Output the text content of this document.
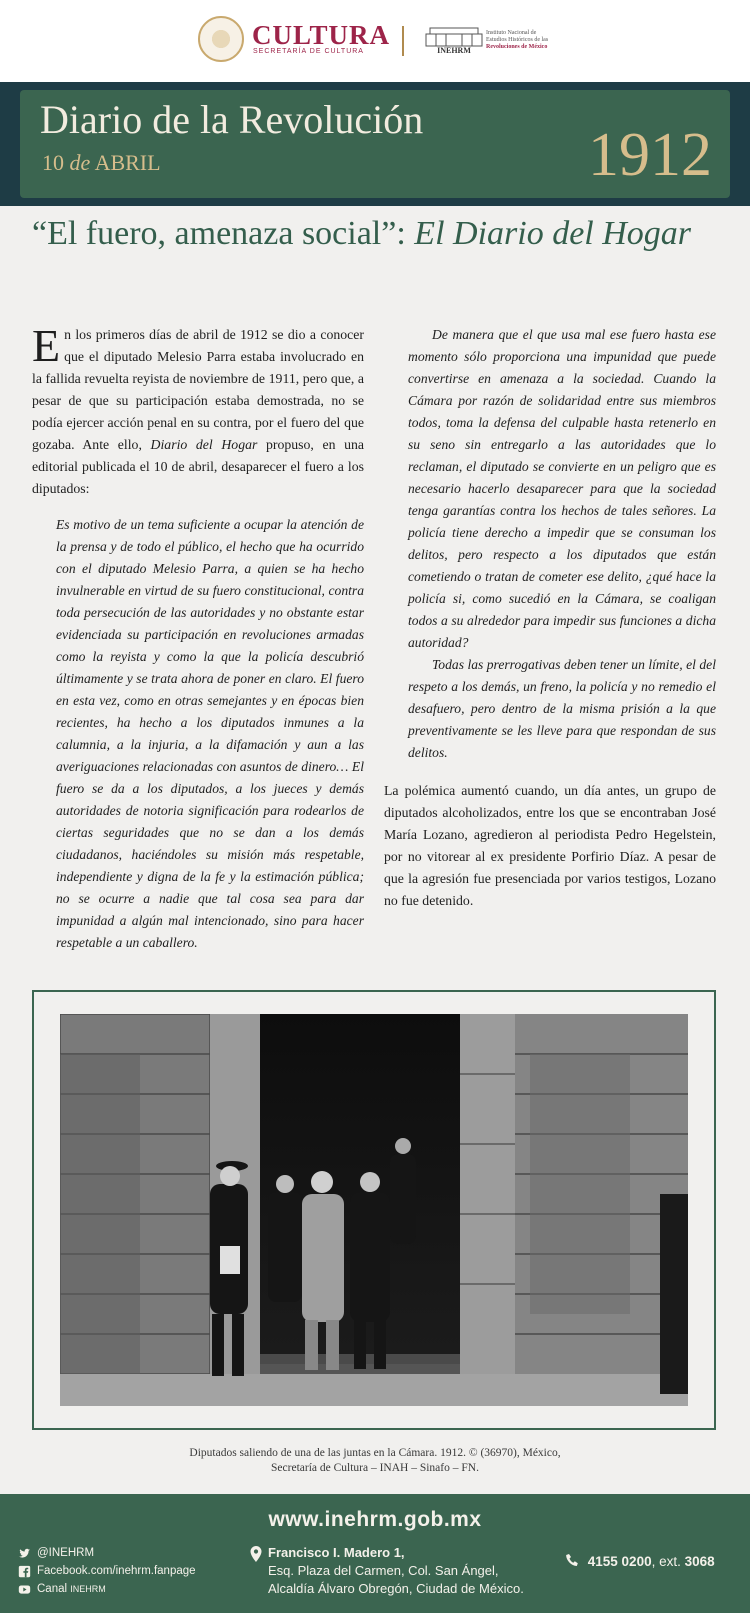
CULTURA
SECRETARÍA DE CULTURA	INEHRM
Instituto Nacional de
Estudios Históricos de las
Revoluciones de México
Diario de la Revolución
10 de ABRIL	1912
“El fuero, amenaza social”: El Diario del Hogar

En los primeros días de abril de 1912 se dio a conocer que el diputado Melesio Parra estaba involucrado en la fallida revuelta reyista de noviembre de 1911, pero que, a pesar de que su participación estaba demostrada, no se podía ejercer acción penal en su contra, por el fuero del que gozaba. Ante ello, Diario del Hogar propuso, en una editorial publicada el 10 de abril, desaparecer el fuero a los diputados:

Es motivo de un tema suficiente a ocupar la atención de la prensa y de todo el público, el hecho que ha ocurrido con el diputado Melesio Parra, a quien se ha hecho invulnerable en virtud de su fuero constitucional, contra toda persecución de las autoridades y no obstante estar evidenciada su participación en revoluciones armadas como la reyista y como la que la policía descubrió últimamente y se trata ahora de poner en claro. El fuero en esta vez, como en otras semejantes y en épocas bien recientes, ha hecho a los diputados inmunes a la calumnia, a la injuria, a la difamación y aun a las averiguaciones relacionadas con asuntos de dinero… El fuero se da a los diputados, a los jueces y demás autoridades de notoria significación para rodearlos de ciertas seguridades que no se dan a los demás ciudadanos, haciéndoles su misión más respetable, independiente y digna de la fe y la estimación pública; no se ocurre a nadie que tal cosa sea para dar impunidad a algún mal intencionado, sino para hacer respetable a un caballero.

De manera que el que usa mal ese fuero hasta ese momento sólo proporciona una impunidad que puede convertirse en amenaza a la sociedad. Cuando la Cámara por razón de solidaridad entre sus miembros todos, toma la defensa del culpable hasta retenerlo en su seno sin entregarlo a las autoridades que lo reclaman, el diputado se convierte en un peligro que es necesario hacerlo desaparecer para que la sociedad tenga garantías contra los hechos de tales señores. La policía tiene derecho a impedir que se consuman los delitos, pero respecto a los diputados que están cometiendo o tratan de cometer ese delito, ¿qué hace la policía si, como sucedió en la Cámara, se coaligan todos a su alrededor para impedir sus funciones a dicha autoridad?

Todas las prerrogativas deben tener un límite, el del respeto a los demás, un freno, la policía y no remedio el desafuero, pero dentro de la misma prisión a la que preventivamente se les lleve para que respondan de sus delitos.

La polémica aumentó cuando, un día antes, un grupo de diputados alcoholizados, entre los que se encontraban José María Lozano, agredieron al periodista Pedro Hegelstein, por no vitorear al ex presidente Porfirio Díaz. A pesar de que la agresión fue presenciada por varios testigos, Lozano no fue detenido.

Diputados saliendo de una de las juntas en la Cámara. 1912. © (36970), México,
Secretaría de Cultura – INAH – Sinafo – FN.
www.inehrm.gob.mx
@INEHRM
Facebook.com/inehrm.fanpage
Canal INEHRM
Francisco I. Madero 1,
Esq. Plaza del Carmen, Col. San Ángel,
Alcaldía Álvaro Obregón, Ciudad de México.
4155 0200, ext. 3068
